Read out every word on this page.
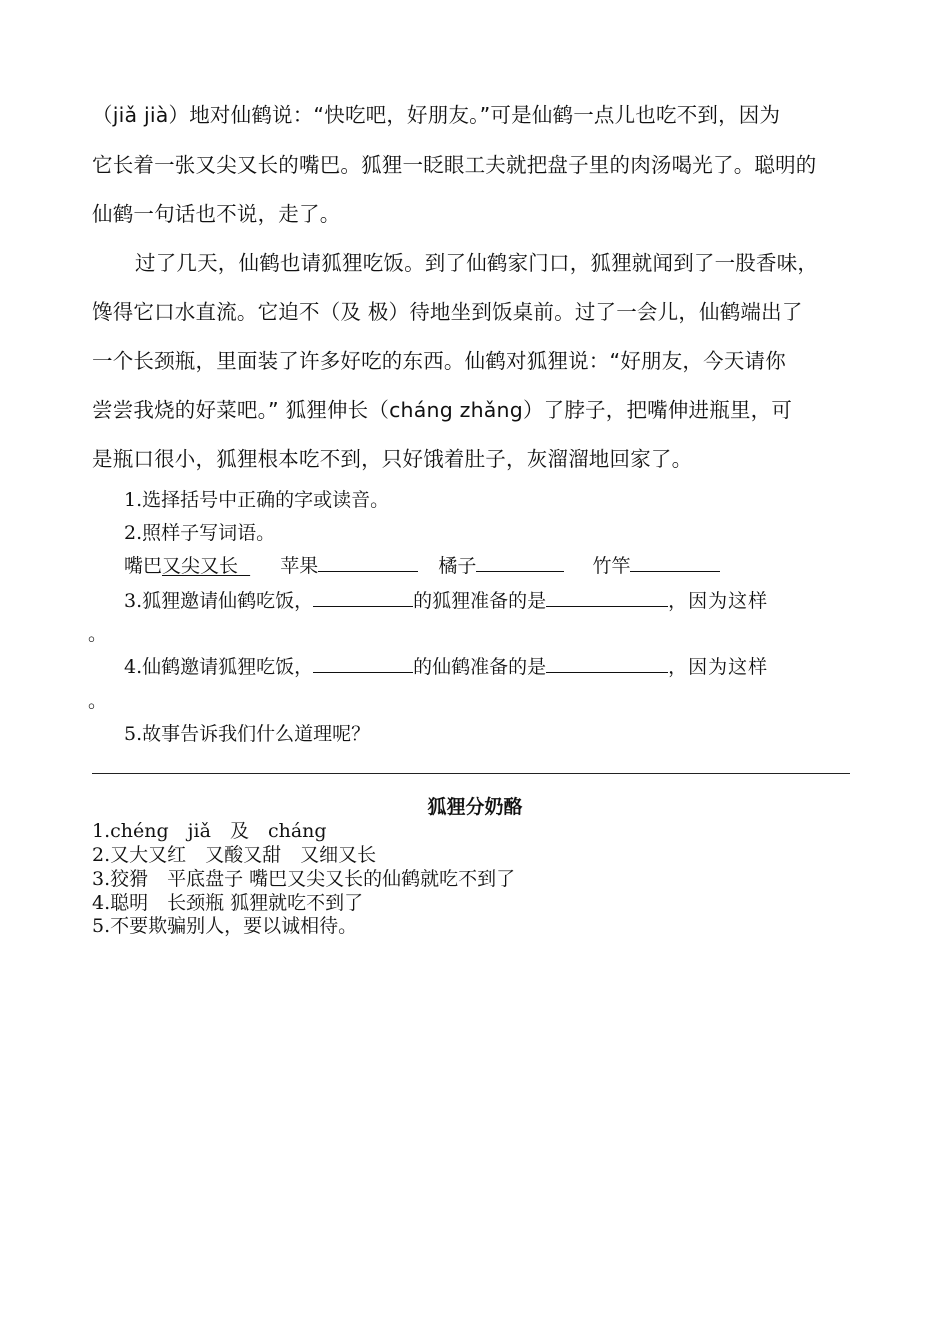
（jiǎ jià）地对仙鹤说：“快吃吧，好朋友。”可是仙鹤一点儿也吃不到，因为

它长着一张又尖又长的嘴巴。狐狸一眨眼工夫就把盘子里的肉汤喝光了。聪明的

仙鹤一句话也不说，走了。

过了几天，仙鹤也请狐狸吃饭。到了仙鹤家门口，狐狸就闻到了一股香味，

馋得它口水直流。它迫不（及 极）待地坐到饭桌前。过了一会儿，仙鹤端出了

一个长颈瓶，里面装了许多好吃的东西。仙鹤对狐狸说：“好朋友，今天请你

尝尝我烧的好菜吧。” 狐狸伸长（cháng zhǎng）了脖子，把嘴伸进瓶里，可

是瓶口很小，狐狸根本吃不到，只好饿着肚子，灰溜溜地回家了。

1.选择括号中正确的字或读音。

2.照样子写词语。

嘴巴又尖又长 苹果	橘子	竹竿

3.狐狸邀请仙鹤吃饭，	的狐狸准备的是	，因为这样

。

4.仙鹤邀请狐狸吃饭，	的仙鹤准备的是	，因为这样

。

5.故事告诉我们什么道理呢？

狐狸分奶酪

1.chéng　jiǎ　及　cháng

2.又大又红　又酸又甜　又细又长

3.狡猾　平底盘子 嘴巴又尖又长的仙鹤就吃不到了

4.聪明　长颈瓶 狐狸就吃不到了

5.不要欺骗别人，要以诚相待。
